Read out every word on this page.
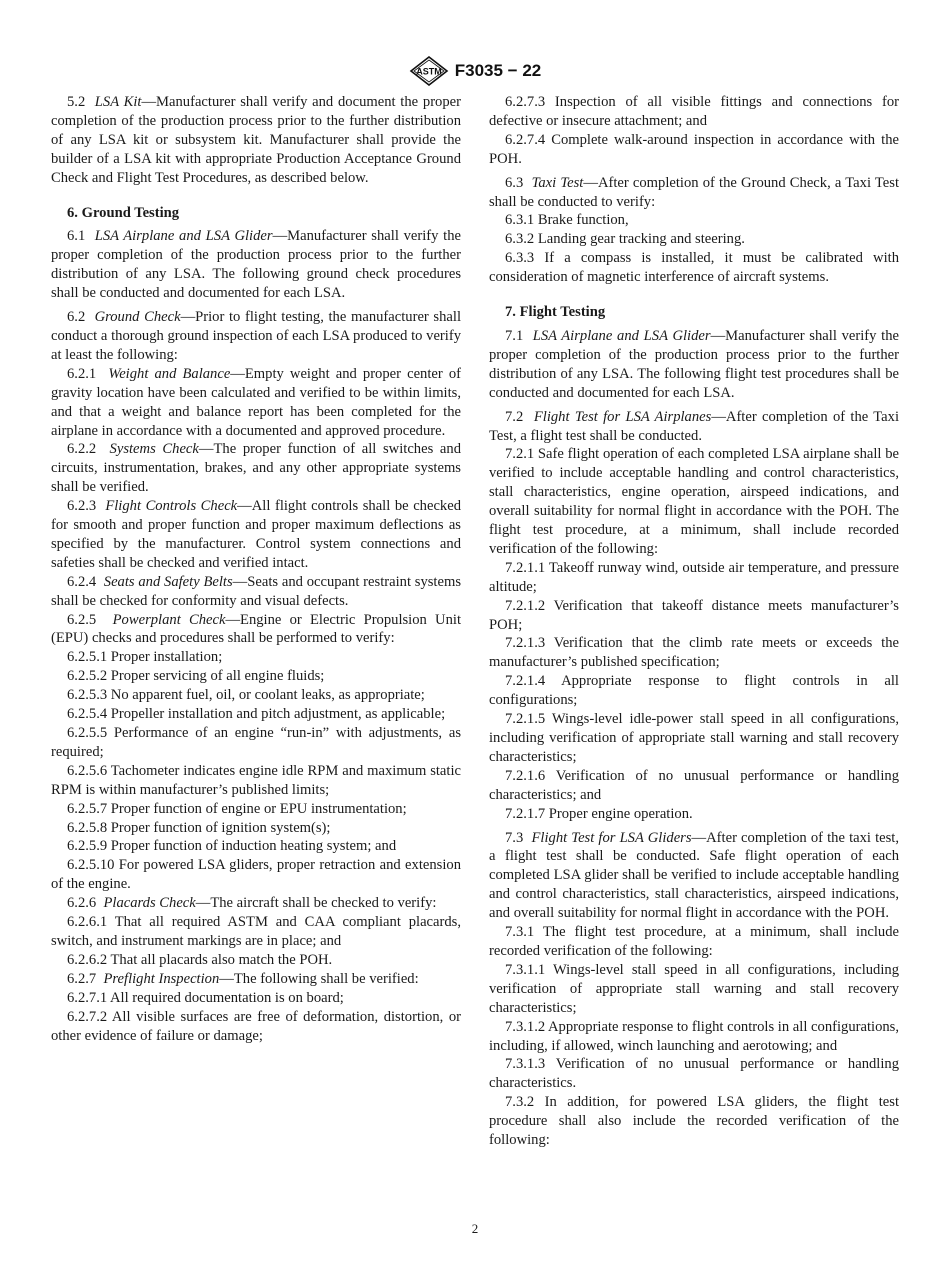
ASTM F3035 − 22

5.2 LSA Kit—Manufacturer shall verify and document the proper completion of the production process prior to the further distribution of any LSA kit or subsystem kit. Manufacturer shall provide the builder of a LSA kit with appropriate Production Acceptance Ground Check and Flight Test Procedures, as described below.

6. Ground Testing

6.1 LSA Airplane and LSA Glider—Manufacturer shall verify the proper completion of the production process prior to the further distribution of any LSA. The following ground check procedures shall be conducted and documented for each LSA.

6.2 Ground Check—Prior to flight testing, the manufacturer shall conduct a thorough ground inspection of each LSA produced to verify at least the following:

6.2.1 Weight and Balance—Empty weight and proper center of gravity location have been calculated and verified to be within limits, and that a weight and balance report has been completed for the airplane in accordance with a documented and approved procedure.

6.2.2 Systems Check—The proper function of all switches and circuits, instrumentation, brakes, and any other appropriate systems shall be verified.

6.2.3 Flight Controls Check—All flight controls shall be checked for smooth and proper function and proper maximum deflections as specified by the manufacturer. Control system connections and safeties shall be checked and verified intact.

6.2.4 Seats and Safety Belts—Seats and occupant restraint systems shall be checked for conformity and visual defects.

6.2.5 Powerplant Check—Engine or Electric Propulsion Unit (EPU) checks and procedures shall be performed to verify:

6.2.5.1 Proper installation;

6.2.5.2 Proper servicing of all engine fluids;

6.2.5.3 No apparent fuel, oil, or coolant leaks, as appropriate;

6.2.5.4 Propeller installation and pitch adjustment, as applicable;

6.2.5.5 Performance of an engine “run-in” with adjustments, as required;

6.2.5.6 Tachometer indicates engine idle RPM and maximum static RPM is within manufacturer’s published limits;

6.2.5.7 Proper function of engine or EPU instrumentation;

6.2.5.8 Proper function of ignition system(s);

6.2.5.9 Proper function of induction heating system; and

6.2.5.10 For powered LSA gliders, proper retraction and extension of the engine.

6.2.6 Placards Check—The aircraft shall be checked to verify:

6.2.6.1 That all required ASTM and CAA compliant placards, switch, and instrument markings are in place; and

6.2.6.2 That all placards also match the POH.

6.2.7 Preflight Inspection—The following shall be verified:

6.2.7.1 All required documentation is on board;

6.2.7.2 All visible surfaces are free of deformation, distortion, or other evidence of failure or damage;

6.2.7.3 Inspection of all visible fittings and connections for defective or insecure attachment; and

6.2.7.4 Complete walk-around inspection in accordance with the POH.

6.3 Taxi Test—After completion of the Ground Check, a Taxi Test shall be conducted to verify:

6.3.1 Brake function,

6.3.2 Landing gear tracking and steering.

6.3.3 If a compass is installed, it must be calibrated with consideration of magnetic interference of aircraft systems.

7. Flight Testing

7.1 LSA Airplane and LSA Glider—Manufacturer shall verify the proper completion of the production process prior to the further distribution of any LSA. The following flight test procedures shall be conducted and documented for each LSA.

7.2 Flight Test for LSA Airplanes—After completion of the Taxi Test, a flight test shall be conducted.

7.2.1 Safe flight operation of each completed LSA airplane shall be verified to include acceptable handling and control characteristics, stall characteristics, engine operation, airspeed indications, and overall suitability for normal flight in accordance with the POH. The flight test procedure, at a minimum, shall include recorded verification of the following:

7.2.1.1 Takeoff runway wind, outside air temperature, and pressure altitude;

7.2.1.2 Verification that takeoff distance meets manufacturer’s POH;

7.2.1.3 Verification that the climb rate meets or exceeds the manufacturer’s published specification;

7.2.1.4 Appropriate response to flight controls in all configurations;

7.2.1.5 Wings-level idle-power stall speed in all configurations, including verification of appropriate stall warning and stall recovery characteristics;

7.2.1.6 Verification of no unusual performance or handling characteristics; and

7.2.1.7 Proper engine operation.

7.3 Flight Test for LSA Gliders—After completion of the taxi test, a flight test shall be conducted. Safe flight operation of each completed LSA glider shall be verified to include acceptable handling and control characteristics, stall characteristics, airspeed indications, and overall suitability for normal flight in accordance with the POH.

7.3.1 The flight test procedure, at a minimum, shall include recorded verification of the following:

7.3.1.1 Wings-level stall speed in all configurations, including verification of appropriate stall warning and stall recovery characteristics;

7.3.1.2 Appropriate response to flight controls in all configurations, including, if allowed, winch launching and aerotowing; and

7.3.1.3 Verification of no unusual performance or handling characteristics.

7.3.2 In addition, for powered LSA gliders, the flight test procedure shall also include the recorded verification of the following:

2
